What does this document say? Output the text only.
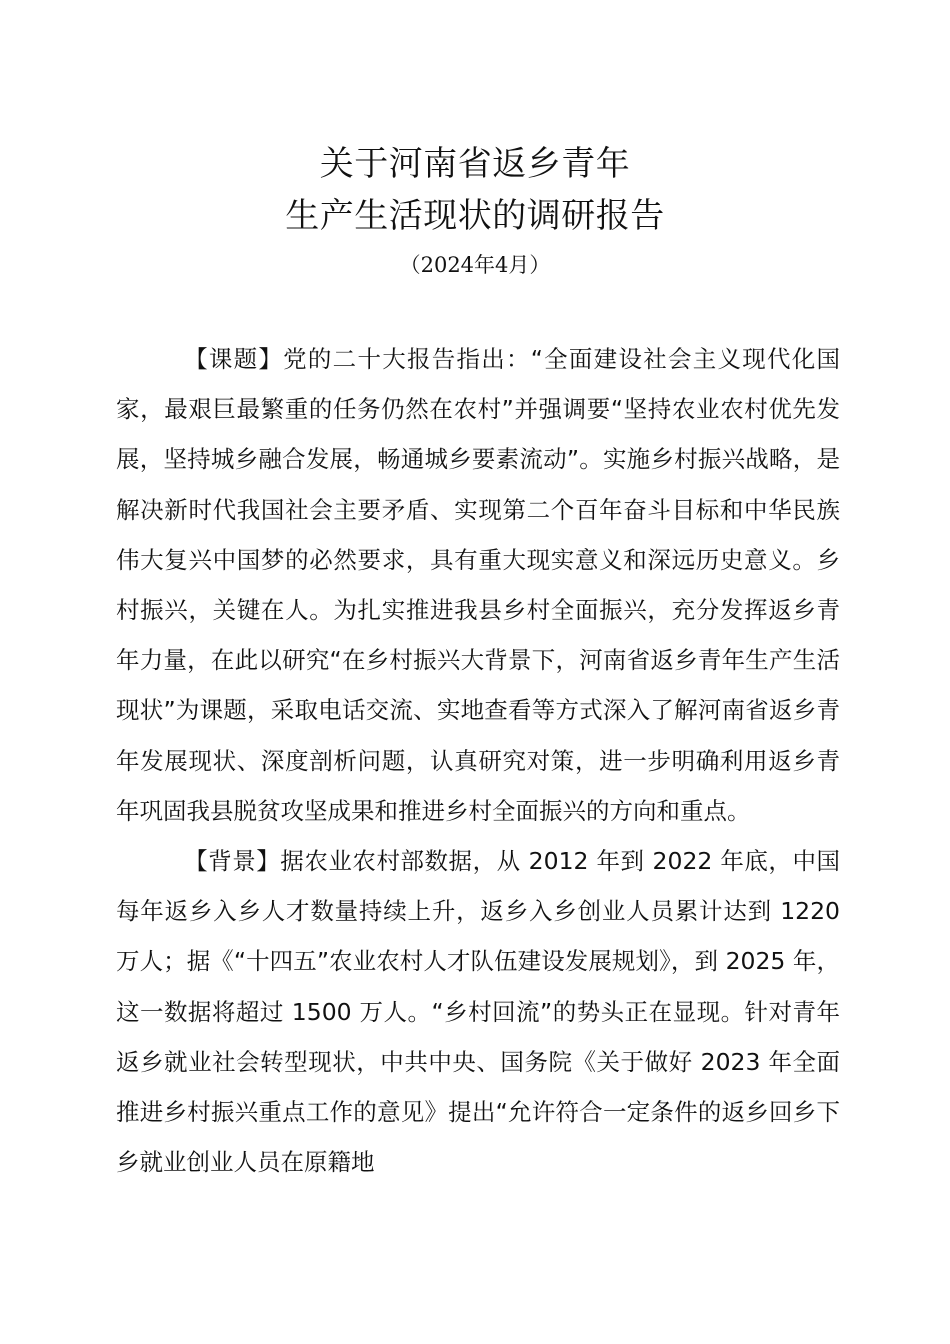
关于河南省返乡青年
生产生活现状的调研报告
（2024年4月）

【课题】党的二十大报告指出：“全面建设社会主义现代化国家，最艰巨最繁重的任务仍然在农村”并强调要“坚持农业农村优先发展，坚持城乡融合发展，畅通城乡要素流动”。实施乡村振兴战略，是解决新时代我国社会主要矛盾、实现第二个百年奋斗目标和中华民族伟大复兴中国梦的必然要求，具有重大现实意义和深远历史意义。乡村振兴，关键在人。为扎实推进我县乡村全面振兴，充分发挥返乡青年力量，在此以研究“在乡村振兴大背景下，河南省返乡青年生产生活现状”为课题，采取电话交流、实地查看等方式深入了解河南省返乡青年发展现状、深度剖析问题，认真研究对策，进一步明确利用返乡青年巩固我县脱贫攻坚成果和推进乡村全面振兴的方向和重点。

【背景】据农业农村部数据，从 2012 年到 2022 年底，中国每年返乡入乡人才数量持续上升，返乡入乡创业人员累计达到 1220 万人；据《“十四五”农业农村人才队伍建设发展规划》，到 2025 年，这一数据将超过 1500 万人。“乡村回流”的势头正在显现。针对青年返乡就业社会转型现状，中共中央、国务院《关于做好 2023 年全面推进乡村振兴重点工作的意见》提出“允许符合一定条件的返乡回乡下乡就业创业人员在原籍地
